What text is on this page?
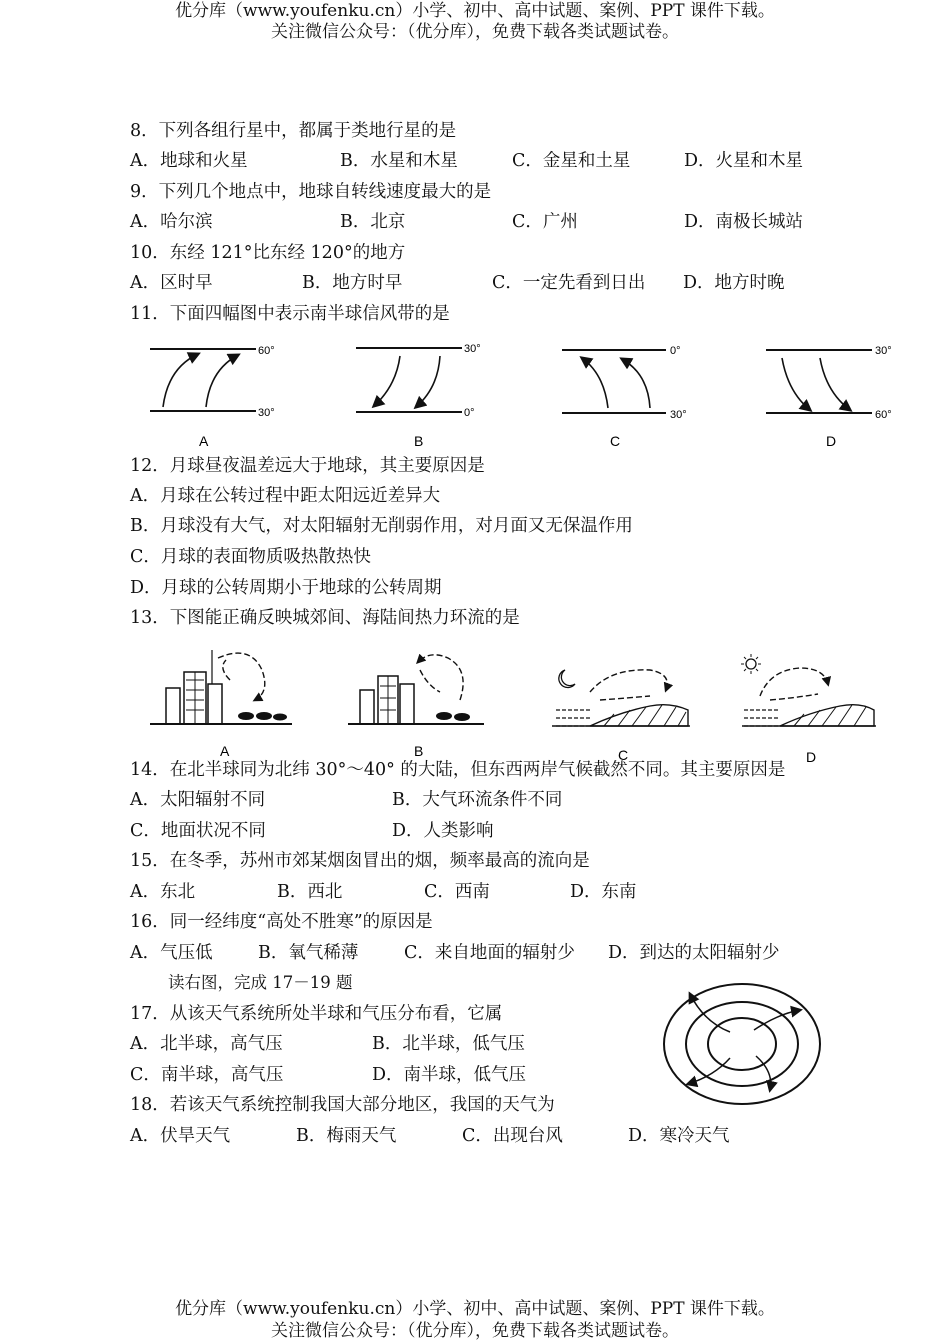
优分库（www.youfenku.cn）小学、初中、高中试题、案例、PPT 课件下载。
关注微信公众号：（优分库），免费下载各类试题试卷。
8．下列各组行星中，都属于类地行星的是
A．地球和火星	B．水星和木星	C．金星和土星	D．火星和木星
9．下列几个地点中，地球自转线速度最大的是
A．哈尔滨	B．北京	C．广州	D．南极长城站
10．东经 121°比东经 120°的地方
A．区时早	B．地方时早	C．一定先看到日出 D．地方时晚
11．下面四幅图中表示南半球信风带的是
60°
30°
A
30°
0°
B
0°
30°
C
30°
60°
D
12．月球昼夜温差远大于地球，其主要原因是
A．月球在公转过程中距太阳远近差异大
B．月球没有大气，对太阳辐射无削弱作用，对月面又无保温作用
C．月球的表面物质吸热散热快
D．月球的公转周期小于地球的公转周期
13．下图能正确反映城郊间、海陆间热力环流的是
A	B	C	D
14．在北半球同为北纬 30°～40° 的大陆，但东西两岸气候截然不同。其主要原因是
A．太阳辐射不同	B．大气环流条件不同
C．地面状况不同	D．人类影响
15．在冬季，苏州市郊某烟囱冒出的烟，频率最高的流向是
A．东北	B．西北	C．西南	D．东南
16．同一经纬度“高处不胜寒”的原因是
A．气压低	B．氧气稀薄	C．来自地面的辐射少 D．到达的太阳辐射少
读右图，完成 17－19 题
17．从该天气系统所处半球和气压分布看，它属
A．北半球，高气压	B．北半球，低气压
C．南半球，高气压	D．南半球，低气压
18．若该天气系统控制我国大部分地区，我国的天气为
A．伏旱天气	B．梅雨天气	C．出现台风	D．寒冷天气
优分库（www.youfenku.cn）小学、初中、高中试题、案例、PPT 课件下载。
关注微信公众号：（优分库），免费下载各类试题试卷。
